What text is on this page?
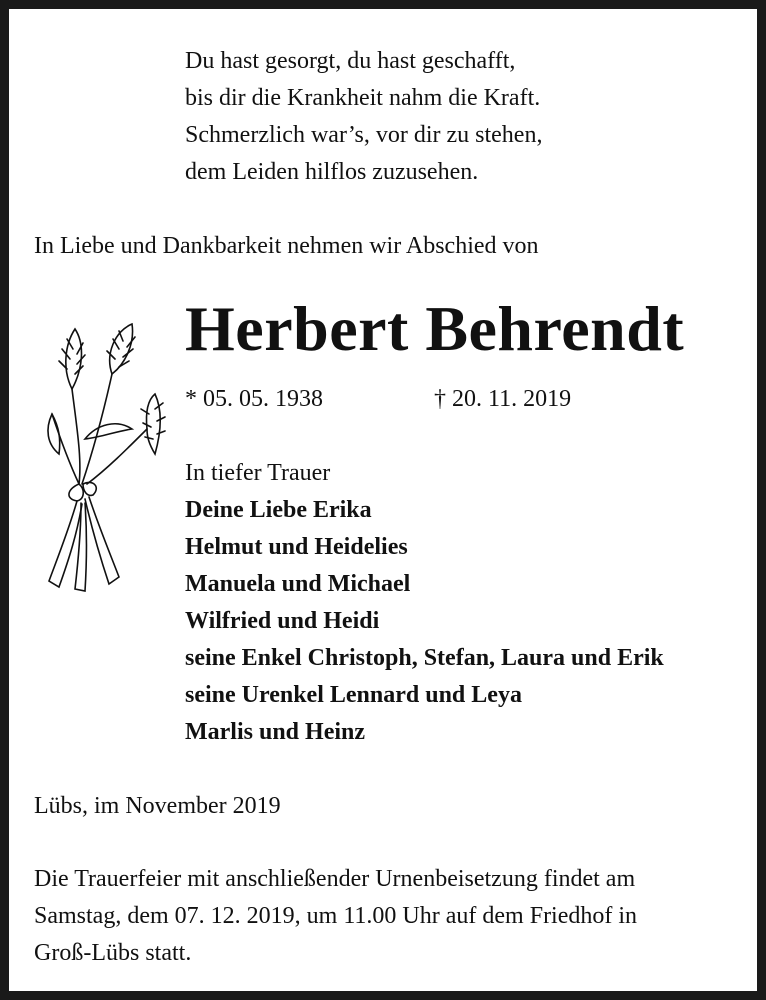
Du hast gesorgt, du hast geschafft,
bis dir die Krankheit nahm die Kraft.
Schmerzlich war’s, vor dir zu stehen,
dem Leiden hilflos zuzusehen.
In Liebe und Dankbarkeit nehmen wir Abschied von
Herbert Behrendt
* 05. 05. 1938	† 20. 11. 2019
In tiefer Trauer
Deine Liebe Erika
Helmut und Heidelies
Manuela und Michael
Wilfried und Heidi
seine Enkel Christoph, Stefan, Laura und Erik
seine Urenkel Lennard und Leya
Marlis und Heinz
Lübs, im November 2019
Die Trauerfeier mit anschließender Urnenbeisetzung findet am
Samstag, dem 07. 12. 2019, um 11.00 Uhr auf dem Friedhof in
Groß-Lübs statt.
